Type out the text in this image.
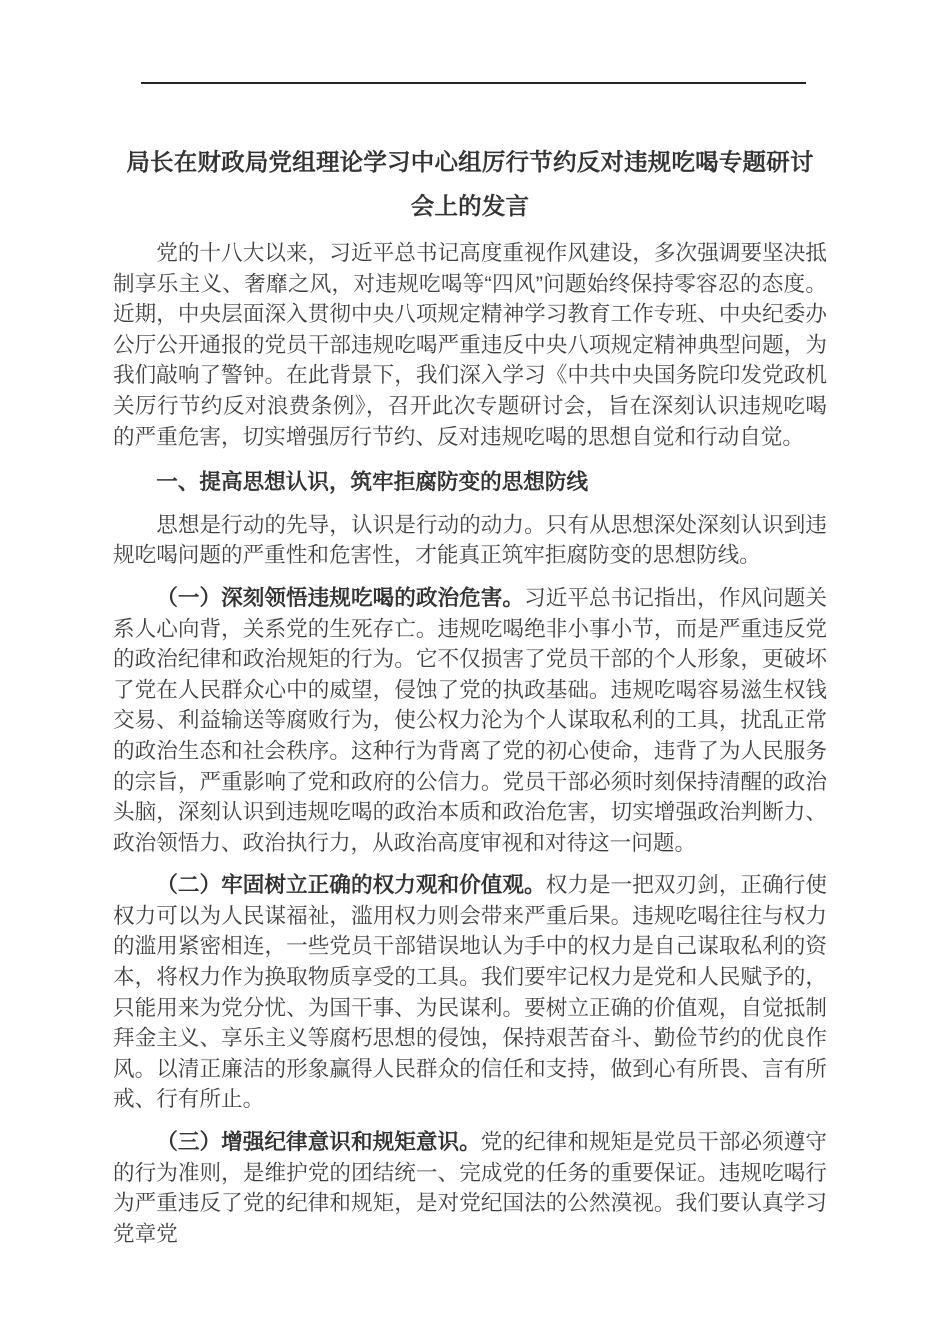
局长在财政局党组理论学习中心组厉行节约反对违规吃喝专题研讨会上的发言

党的十八大以来，习近平总书记高度重视作风建设，多次强调要坚决抵制享乐主义、奢靡之风，对违规吃喝等“四风”问题始终保持零容忍的态度。近期，中央层面深入贯彻中央八项规定精神学习教育工作专班、中央纪委办公厅公开通报的党员干部违规吃喝严重违反中央八项规定精神典型问题，为我们敲响了警钟。在此背景下，我们深入学习《中共中央国务院印发党政机关厉行节约反对浪费条例》，召开此次专题研讨会，旨在深刻认识违规吃喝的严重危害，切实增强厉行节约、反对违规吃喝的思想自觉和行动自觉。

一、提高思想认识，筑牢拒腐防变的思想防线

思想是行动的先导，认识是行动的动力。只有从思想深处深刻认识到违规吃喝问题的严重性和危害性，才能真正筑牢拒腐防变的思想防线。

（一）深刻领悟违规吃喝的政治危害。习近平总书记指出，作风问题关系人心向背，关系党的生死存亡。违规吃喝绝非小事小节，而是严重违反党的政治纪律和政治规矩的行为。它不仅损害了党员干部的个人形象，更破坏了党在人民群众心中的威望，侵蚀了党的执政基础。违规吃喝容易滋生权钱交易、利益输送等腐败行为，使公权力沦为个人谋取私利的工具，扰乱正常的政治生态和社会秩序。这种行为背离了党的初心使命，违背了为人民服务的宗旨，严重影响了党和政府的公信力。党员干部必须时刻保持清醒的政治头脑，深刻认识到违规吃喝的政治本质和政治危害，切实增强政治判断力、政治领悟力、政治执行力，从政治高度审视和对待这一问题。

（二）牢固树立正确的权力观和价值观。权力是一把双刃剑，正确行使权力可以为人民谋福祉，滥用权力则会带来严重后果。违规吃喝往往与权力的滥用紧密相连，一些党员干部错误地认为手中的权力是自己谋取私利的资本，将权力作为换取物质享受的工具。我们要牢记权力是党和人民赋予的，只能用来为党分忧、为国干事、为民谋利。要树立正确的价值观，自觉抵制拜金主义、享乐主义等腐朽思想的侵蚀，保持艰苦奋斗、勤俭节约的优良作风。以清正廉洁的形象赢得人民群众的信任和支持，做到心有所畏、言有所戒、行有所止。

（三）增强纪律意识和规矩意识。党的纪律和规矩是党员干部必须遵守的行为准则，是维护党的团结统一、完成党的任务的重要保证。违规吃喝行为严重违反了党的纪律和规矩，是对党纪国法的公然漠视。我们要认真学习党章党
